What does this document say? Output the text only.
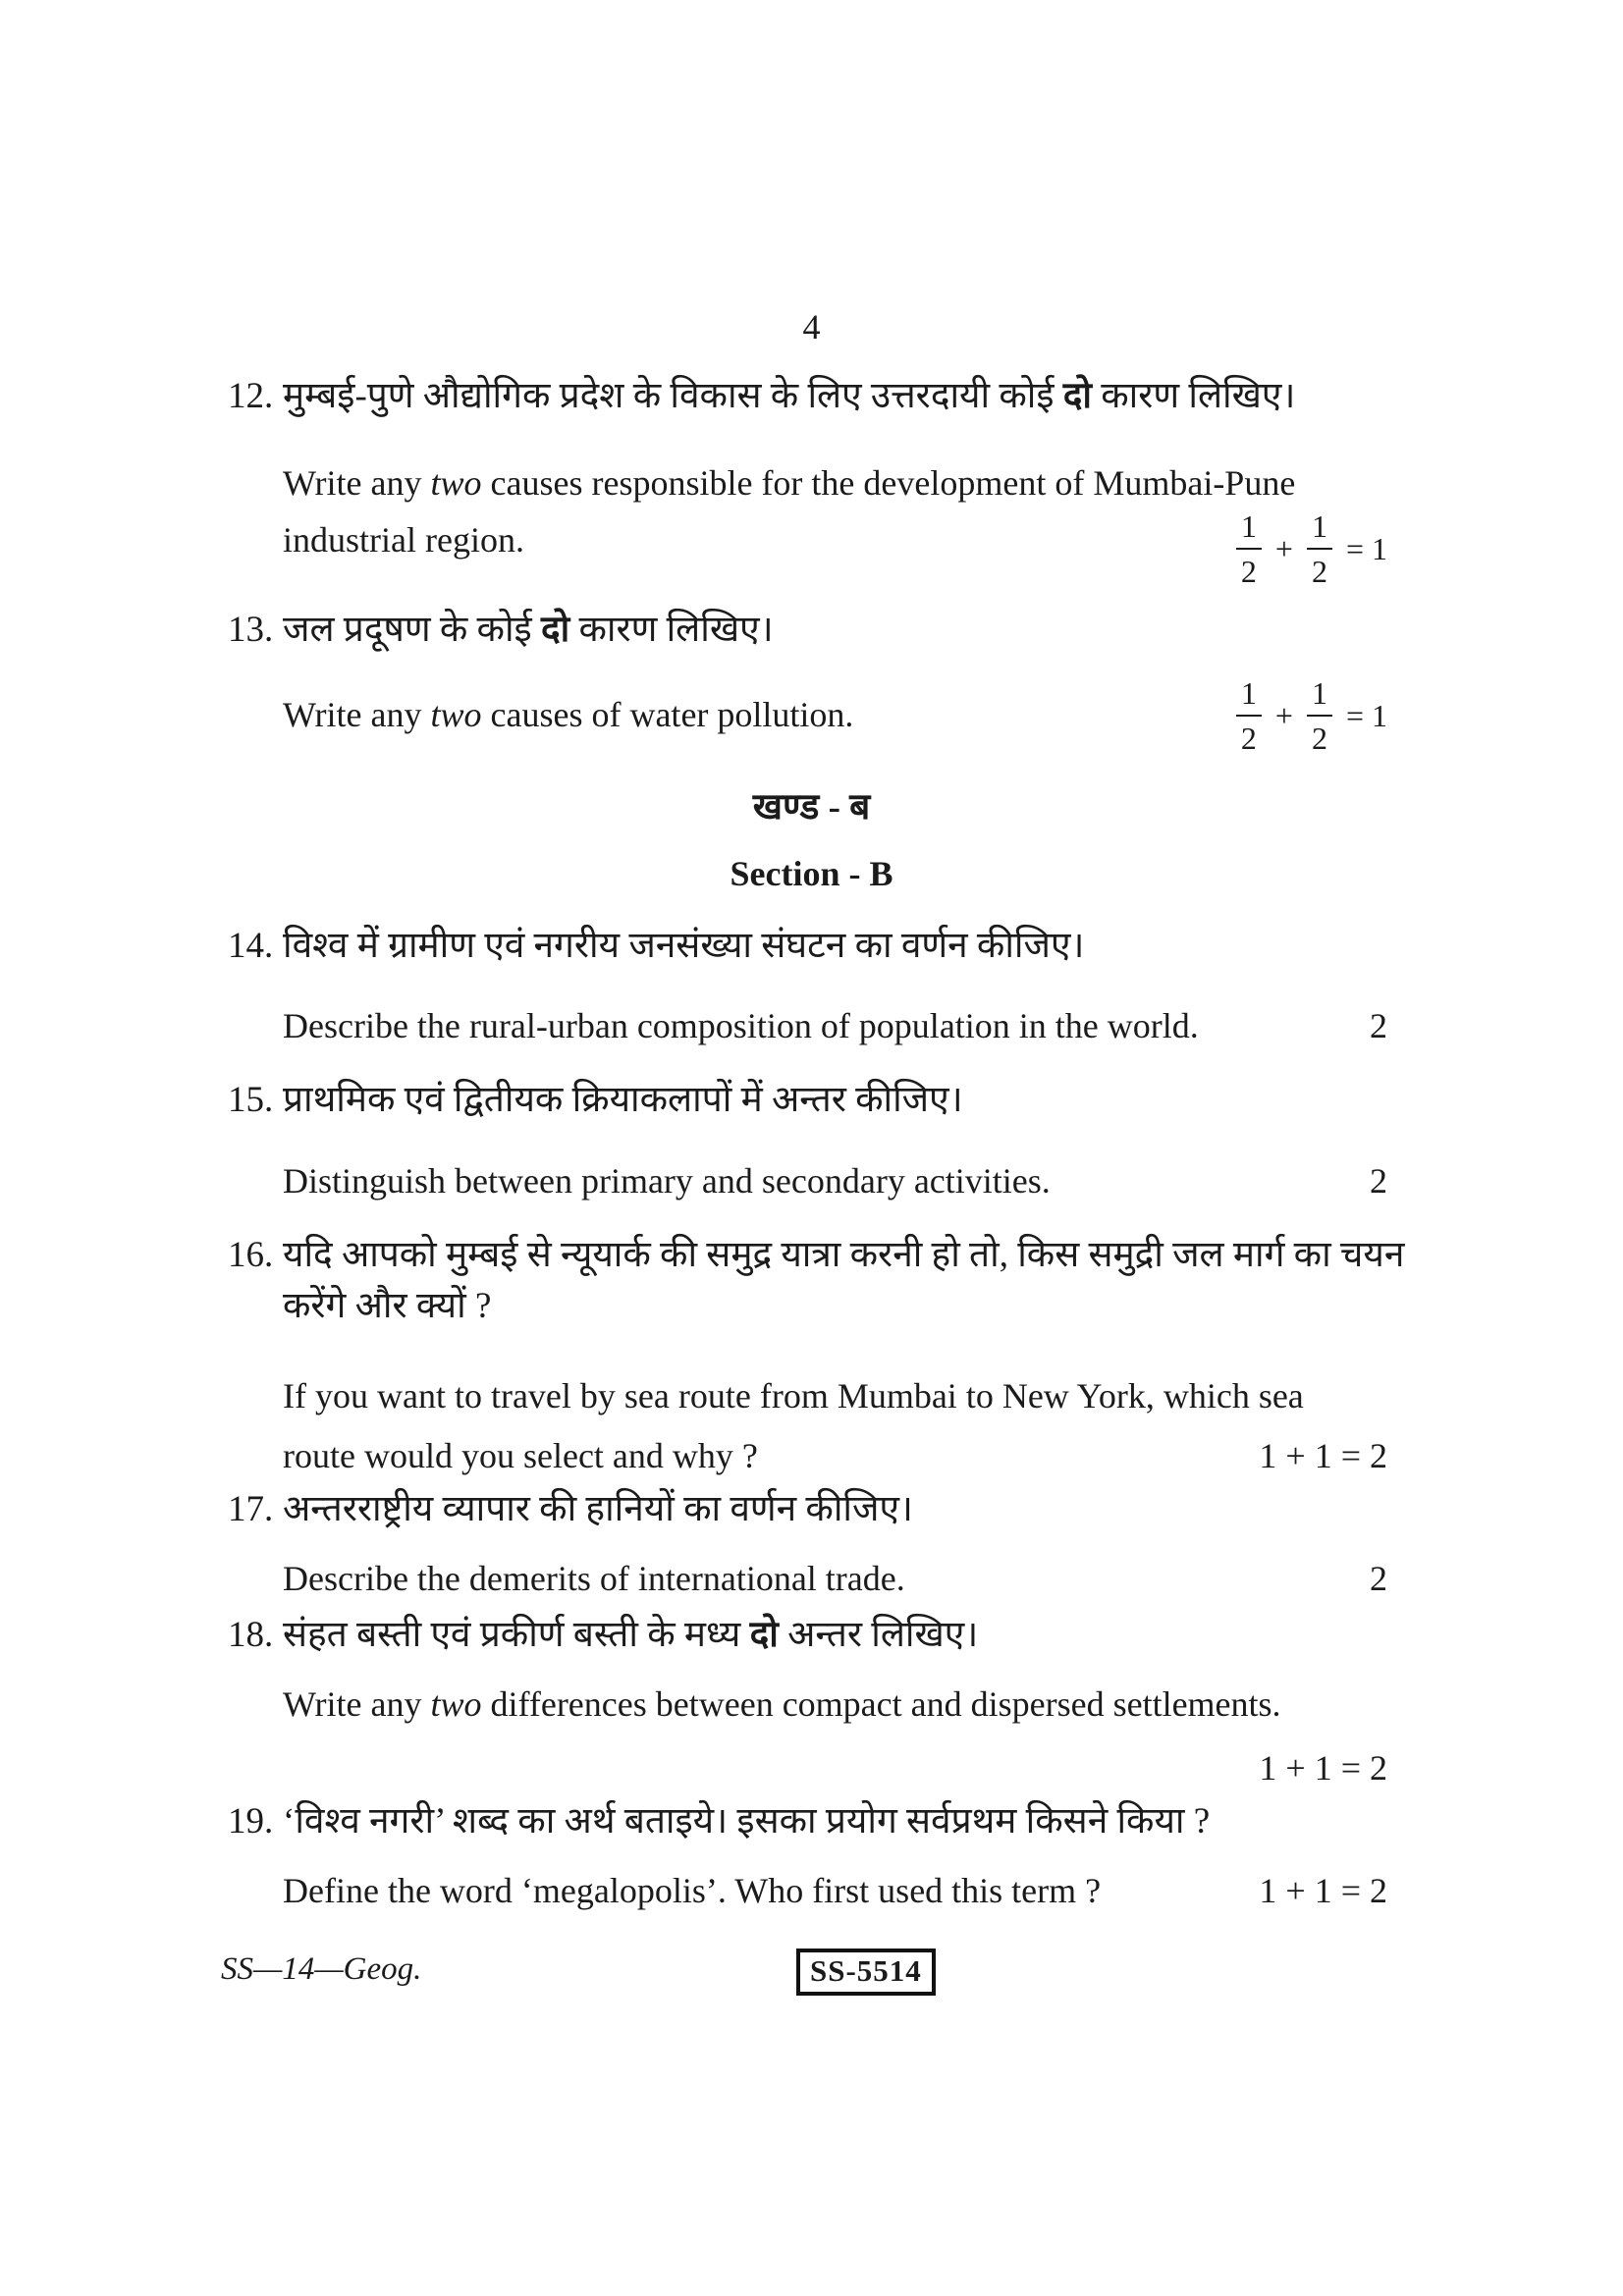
4
12. मुम्बई-पुणे औद्योगिक प्रदेश के विकास के लिए उत्तरदायी कोई दो कारण लिखिए।
Write any two causes responsible for the development of Mumbai-Pune
industrial region.	$\frac{1}{2} + \frac{1}{2} = 1$
13. जल प्रदूषण के कोई दो कारण लिखिए।
Write any two causes of water pollution.	$\frac{1}{2} + \frac{1}{2} = 1$
खण्ड - ब
Section - B
14. विश्व में ग्रामीण एवं नगरीय जनसंख्या संघटन का वर्णन कीजिए।
Describe the rural-urban composition of population in the world.	2
15. प्राथमिक एवं द्वितीयक क्रियाकलापों में अन्तर कीजिए।
Distinguish between primary and secondary activities.	2
16. यदि आपको मुम्बई से न्यूयार्क की समुद्र यात्रा करनी हो तो, किस समुद्री जल मार्ग का चयन
करेंगे और क्यों ?
If you want to travel by sea route from Mumbai to New York, which sea
route would you select and why ?	1 + 1 = 2
17. अन्तरराष्ट्रीय व्यापार की हानियों का वर्णन कीजिए।
Describe the demerits of international trade.	2
18. संहत बस्ती एवं प्रकीर्ण बस्ती के मध्य दो अन्तर लिखिए।
Write any two differences between compact and dispersed settlements.
1 + 1 = 2
19. ‘विश्व नगरी’ शब्द का अर्थ बताइये। इसका प्रयोग सर्वप्रथम किसने किया ?
Define the word ‘megalopolis’. Who first used this term ?	1 + 1 = 2
SS—14—Geog.	SS-5514
